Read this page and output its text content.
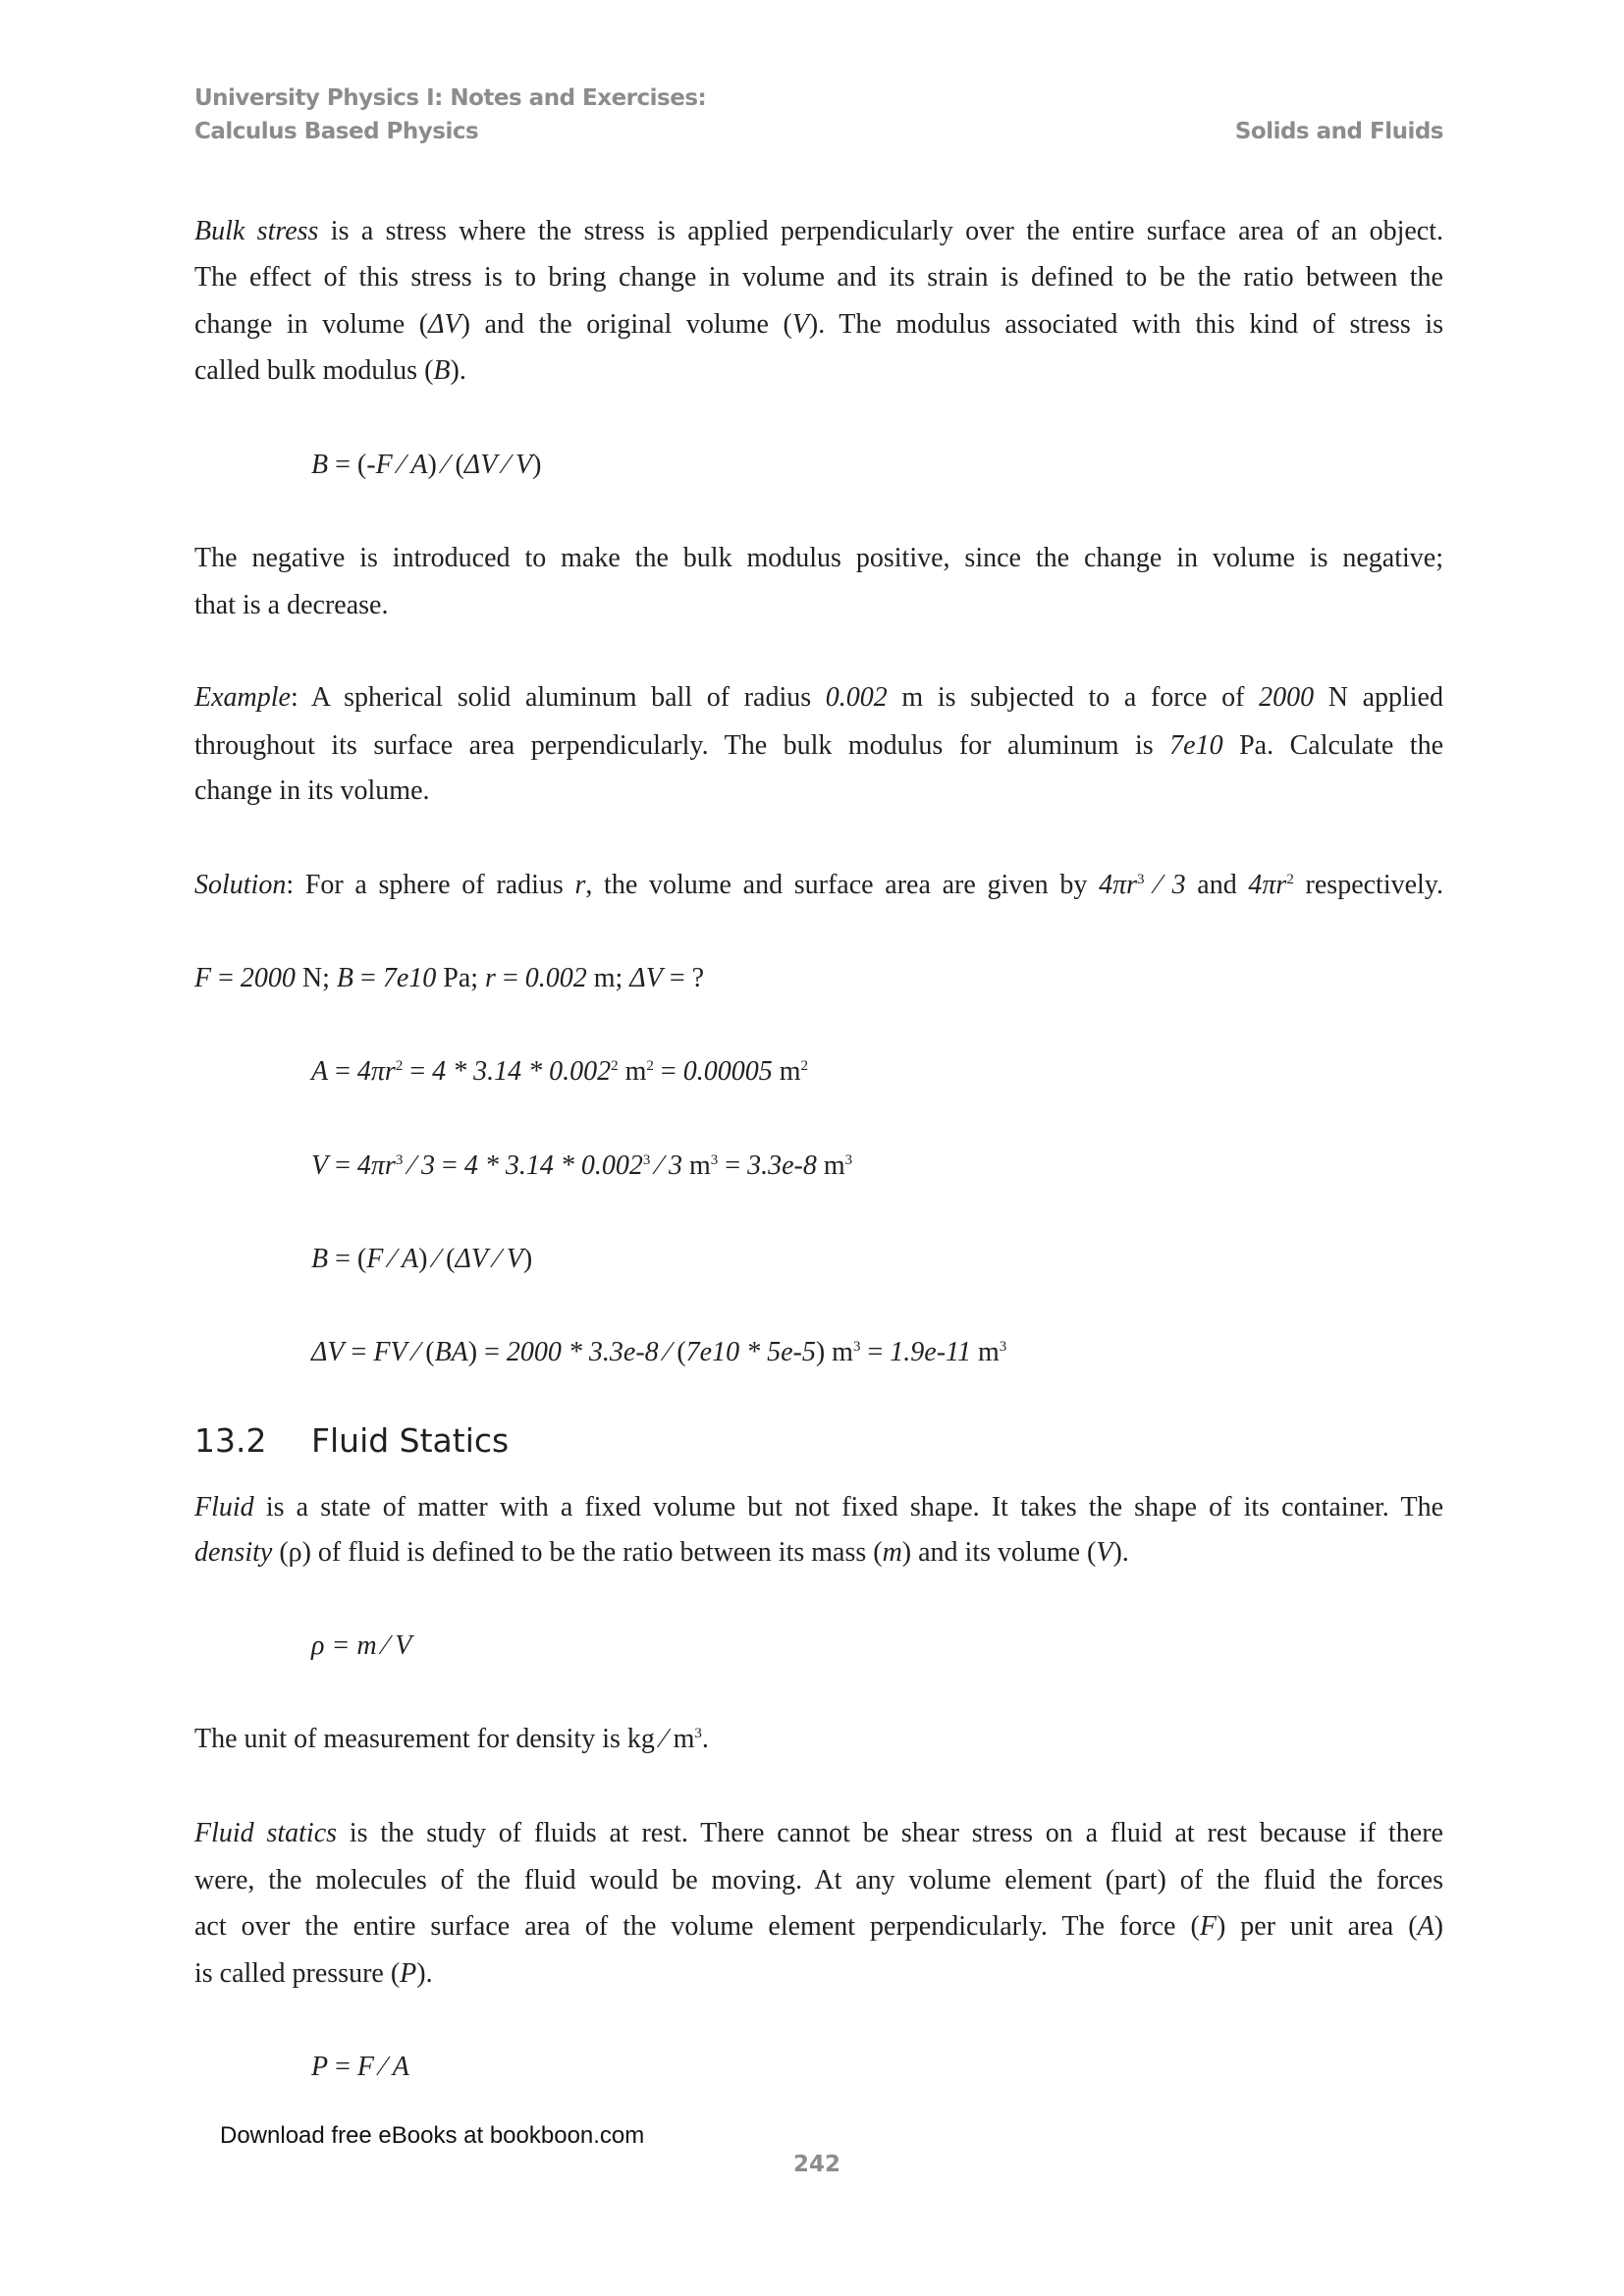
University Physics I: Notes and Exercises:
Calculus Based Physics	Solids and Fluids
Bulk stress is a stress where the stress is applied perpendicularly over the entire surface area of an object.
The effect of this stress is to bring change in volume and its strain is defined to be the ratio between the
change in volume (ΔV) and the original volume (V). The modulus associated with this kind of stress is
called bulk modulus (B).
B = (-F ⁄ A) ⁄ (ΔV ⁄ V)
The negative is introduced to make the bulk modulus positive, since the change in volume is negative;
that is a decrease.
Example: A spherical solid aluminum ball of radius 0.002 m is subjected to a force of 2000 N applied
throughout its surface area perpendicularly. The bulk modulus for aluminum is 7e10 Pa. Calculate the
change in its volume.
Solution: For a sphere of radius r, the volume and surface area are given by $4\pi r^3$ ⁄ 3 and $4\pi r^2$ respectively.
F = 2000 N; B = 7e10 Pa; r = 0.002 m; ΔV = ?
$A = 4\pi r^2 = 4 * 3.14 * 0.002^2$ $m^2 = 0.00005$ $m^2$
$V = 4\pi r^3$ ⁄ 3 = 4 * 3.14 * 0.002$^3$ ⁄ 3 $m^3 = 3.3e-8$ $m^3$
B = (F ⁄ A) ⁄ (ΔV ⁄ V)
ΔV = FV ⁄ (BA) = 2000 * 3.3e-8 ⁄ (7e10 * 5e-5) $m^3 = 1.9e-11$ $m^3$
13.2 Fluid Statics
Fluid is a state of matter with a fixed volume but not fixed shape. It takes the shape of its container. The
density (ρ) of fluid is defined to be the ratio between its mass (m) and its volume (V).
ρ = m ⁄ V
The unit of measurement for density is kg ⁄ $m^3$.
Fluid statics is the study of fluids at rest. There cannot be shear stress on a fluid at rest because if there
were, the molecules of the fluid would be moving. At any volume element (part) of the fluid the forces
act over the entire surface area of the volume element perpendicularly. The force (F) per unit area (A)
is called pressure (P).
P = F ⁄ A
Download free eBooks at bookboon.com
242
